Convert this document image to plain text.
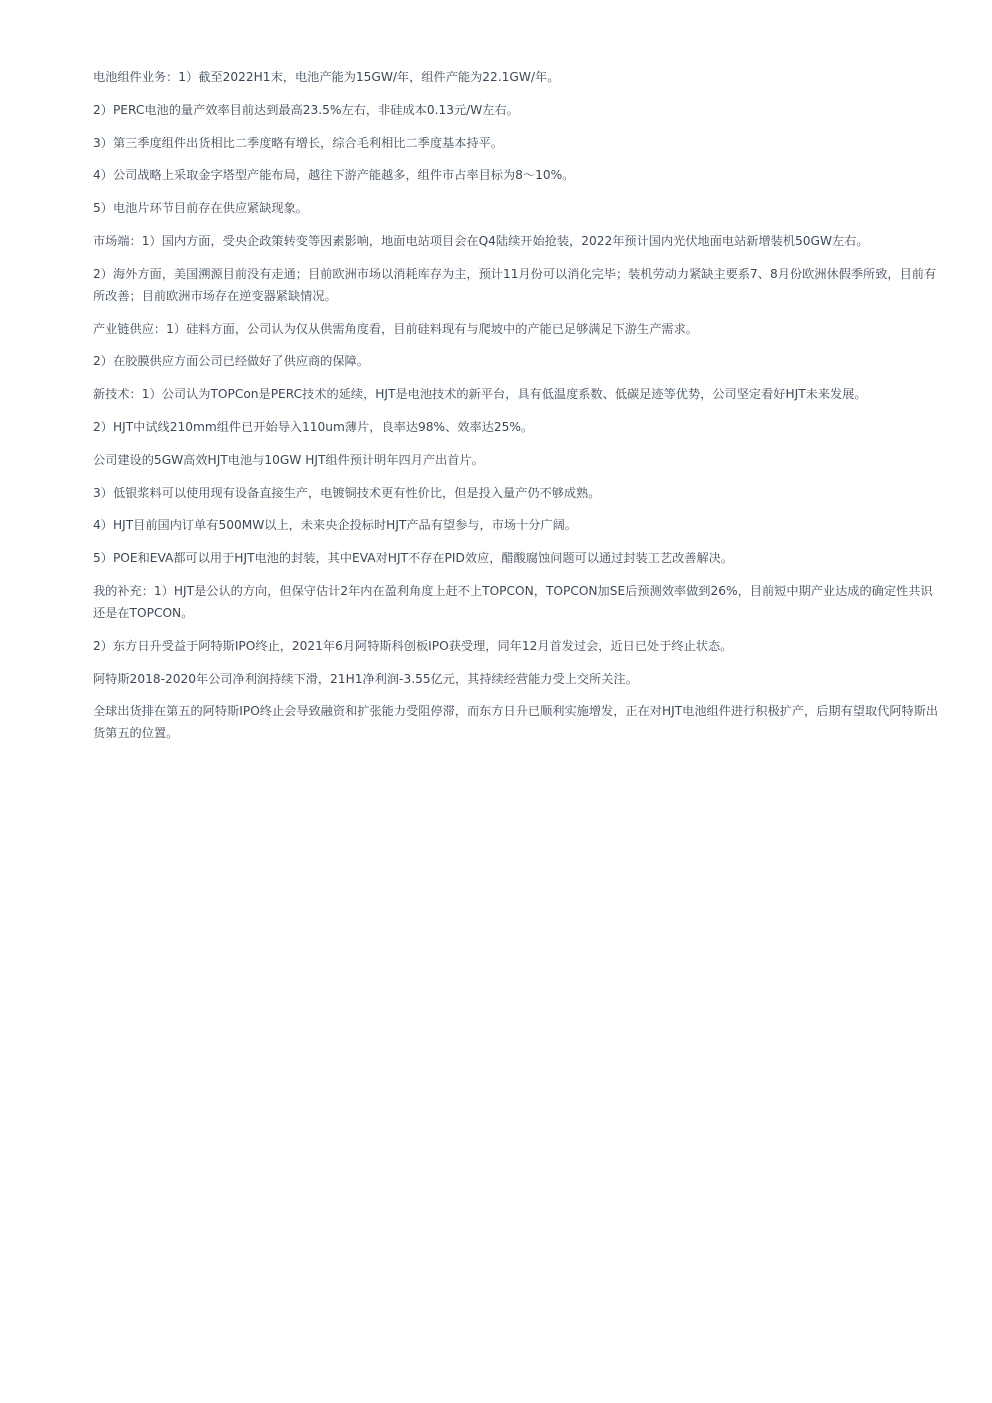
电池组件业务：1）截至2022H1末，电池产能为15GW/年，组件产能为22.1GW/年。

2）PERC电池的量产效率目前达到最高23.5%左右，非硅成本0.13元/W左右。

3）第三季度组件出货相比二季度略有增长，综合毛利相比二季度基本持平。

4）公司战略上采取金字塔型产能布局，越往下游产能越多，组件市占率目标为8～10%。

5）电池片环节目前存在供应紧缺现象。

市场端：1）国内方面，受央企政策转变等因素影响，地面电站项目会在Q4陆续开始抢装，2022年预计国内光伏地面电站新增装机50GW左右。

2）海外方面，美国溯源目前没有走通；目前欧洲市场以消耗库存为主，预计11月份可以消化完毕；装机劳动力紧缺主要系7、8月份欧洲休假季所致，目前有所改善；目前欧洲市场存在逆变器紧缺情况。

产业链供应：1）硅料方面，公司认为仅从供需角度看，目前硅料现有与爬坡中的产能已足够满足下游生产需求。

2）在胶膜供应方面公司已经做好了供应商的保障。

新技术：1）公司认为TOPCon是PERC技术的延续，HJT是电池技术的新平台，具有低温度系数、低碳足迹等优势，公司坚定看好HJT未来发展。

2）HJT中试线210mm组件已开始导入110um薄片，良率达98%、效率达25%。

公司建设的5GW高效HJT电池与10GW HJT组件预计明年四月产出首片。

3）低银浆料可以使用现有设备直接生产，电镀铜技术更有性价比，但是投入量产仍不够成熟。

4）HJT目前国内订单有500MW以上，未来央企投标时HJT产品有望参与，市场十分广阔。

5）POE和EVA都可以用于HJT电池的封装，其中EVA对HJT不存在PID效应，醋酸腐蚀问题可以通过封装工艺改善解决。

我的补充：1）HJT是公认的方向，但保守估计2年内在盈利角度上赶不上TOPCON，TOPCON加SE后预测效率做到26%，目前短中期产业达成的确定性共识还是在TOPCON。

2）东方日升受益于阿特斯IPO终止，2021年6月阿特斯科创板IPO获受理，同年12月首发过会，近日已处于终止状态。

阿特斯2018-2020年公司净利润持续下滑，21H1净利润-3.55亿元，其持续经营能力受上交所关注。

全球出货排在第五的阿特斯IPO终止会导致融资和扩张能力受阻停滞，而东方日升已顺利实施增发，正在对HJT电池组件进行积极扩产，后期有望取代阿特斯出货第五的位置。
